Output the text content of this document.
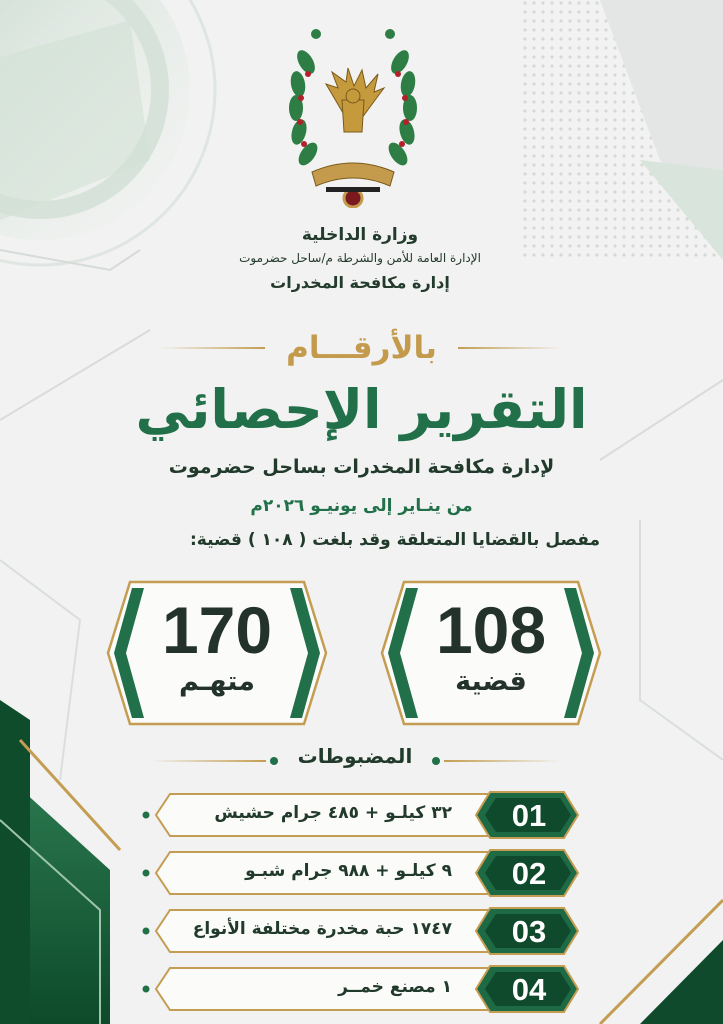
وزارة الداخلية
الإدارة العامة للأمن والشرطة م/ساحل حضرموت
إدارة مكافحة المخدرات
بالأرقـــام
التقرير الإحصائي
لإدارة مكافحة المخدرات بساحل حضرموت
من ينـاير إلى يونيـو ٢٠٢٦م
مفصل بالقضايا المتعلقة وقد بلغت ( ١٠٨ ) قضية:
108
قضية
170
متهـم
المضبوطات
01
٣٢ كيلـو + ٤٨٥ جرام حشيش
02
٩ كيلـو + ٩٨٨ جرام شبـو
03
١٧٤٧ حبة مخدرة مختلفة الأنواع
04
١ مصنع خمــر
